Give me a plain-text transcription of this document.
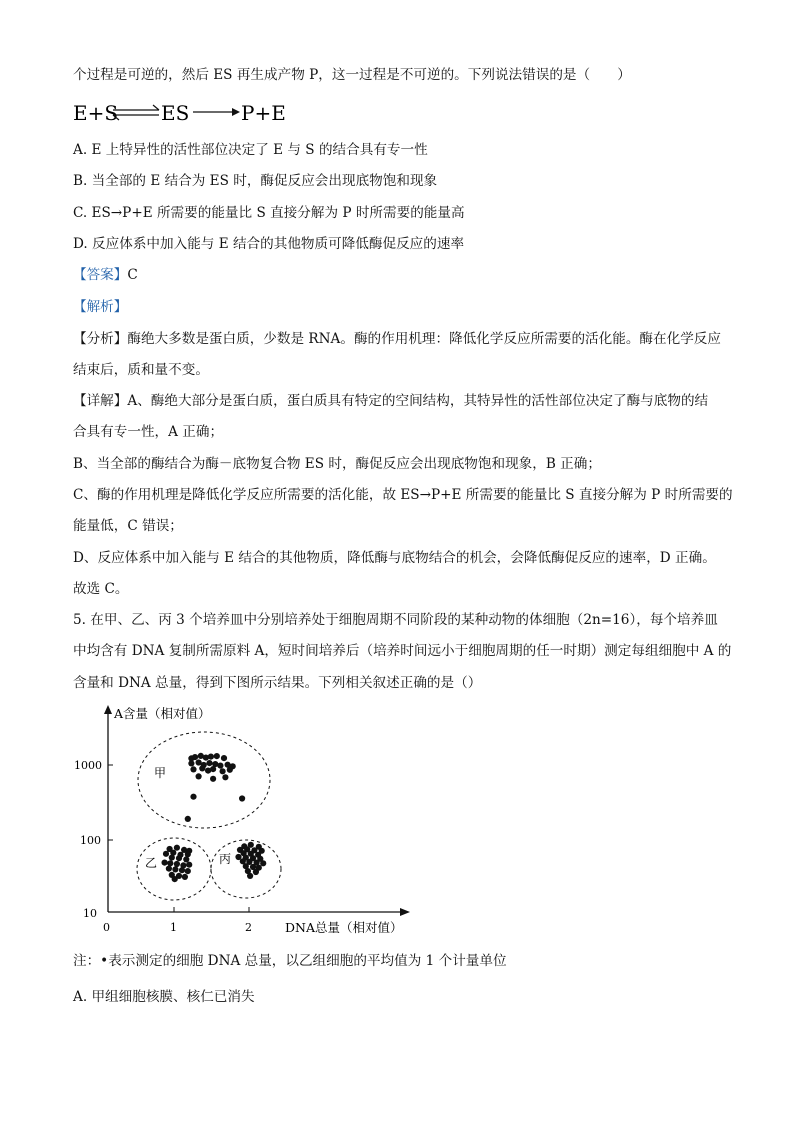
个过程是可逆的，然后 ES 再生成产物 P，这一过程是不可逆的。下列说法错误的是（　　）
E+S ES	P+E
A. E 上特异性的活性部位决定了 E 与 S 的结合具有专一性
B. 当全部的 E 结合为 ES 时，酶促反应会出现底物饱和现象
C. ES→P+E 所需要的能量比 S 直接分解为 P 时所需要的能量高
D. 反应体系中加入能与 E 结合的其他物质可降低酶促反应的速率
【答案】C
【解析】
【分析】酶绝大多数是蛋白质，少数是 RNA。酶的作用机理：降低化学反应所需要的活化能。酶在化学反应
结束后，质和量不变。
【详解】A、酶绝大部分是蛋白质，蛋白质具有特定的空间结构，其特异性的活性部位决定了酶与底物的结
合具有专一性，A 正确；
B、当全部的酶结合为酶－底物复合物 ES 时，酶促反应会出现底物饱和现象，B 正确；
C、酶的作用机理是降低化学反应所需要的活化能，故 ES→P+E 所需要的能量比 S 直接分解为 P 时所需要的
能量低，C 错误；
D、反应体系中加入能与 E 结合的其他物质，降低酶与底物结合的机会，会降低酶促反应的速率，D 正确。
故选 C。
5. 在甲、乙、丙 3 个培养皿中分别培养处于细胞周期不同阶段的某种动物的体细胞（2n=16），每个培养皿
中均含有 DNA 复制所需原料 A，短时间培养后（培养时间远小于细胞周期的任一时期）测定每组细胞中 A 的
含量和 DNA 总量，得到下图所示结果。下列相关叙述正确的是（）
A含量（相对值）
DNA总量（相对值）
10
100
1000
0	1	2
甲
乙	丙
注：•表示测定的细胞 DNA 总量，以乙组细胞的平均值为 1 个计量单位
A. 甲组细胞核膜、核仁已消失
